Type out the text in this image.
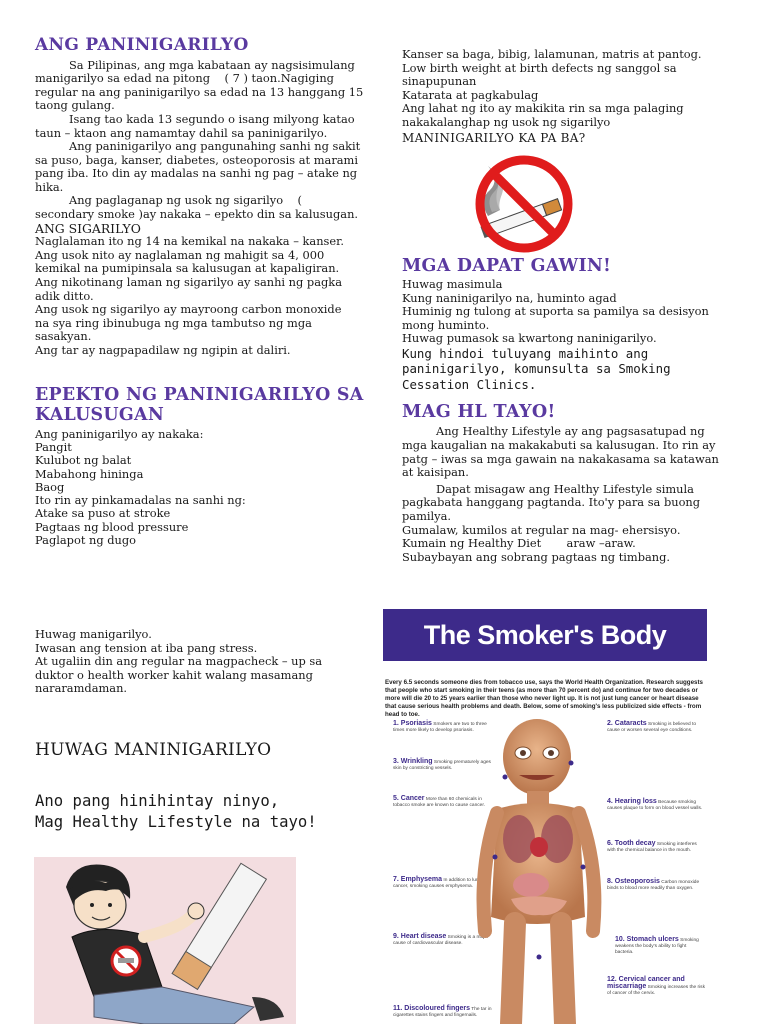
ANG PANINIGARILYO

Sa Pilipinas, ang mga kabataan ay nagsisimulang
manigarilyo sa edad na pitong    ( 7 ) taon.Nagiging
regular na ang paninigarilyo sa edad na 13 hanggang 15
taong gulang.

Isang tao kada 13 segundo o isang milyong katao
taun – ktaon ang namamtay dahil sa paninigarilyo.

Ang paninigarilyo ang pangunahing sanhi ng sakit
sa puso, baga, kanser, diabetes, osteoporosis at marami
pang iba. Ito din ay madalas na sanhi ng pag – atake ng
hika.

Ang paglaganap ng usok ng sigarilyo    (
secondary smoke )ay nakaka – epekto din sa kalusugan.

ANG SIGARILYO

Naglalaman ito ng 14 na kemikal na nakaka – kanser.
Ang usok nito ay naglalaman ng mahigit sa 4, 000
kemikal na pumipinsala sa kalusugan at kapaligiran.
Ang nikotinang laman ng sigarilyo ay sanhi ng pagka
adik ditto.
Ang usok ng sigarilyo ay mayroong carbon monoxide
na sya ring ibinubuga ng mga tambutso ng mga
sasakyan.
Ang tar ay nagpapadilaw ng ngipin at daliri.

EPEKTO NG PANINIGARILYO SA
KALUSUGAN

Ang paninigarilyo ay nakaka:
Pangit
Kulubot ng balat
Mabahong hininga
Baog
Ito rin ay pinkamadalas na sanhi ng:
Atake sa puso at stroke
Pagtaas ng blood pressure
Paglapot ng dugo

Huwag manigarilyo.
Iwasan ang tension at iba pang stress.
At ugaliin din ang regular na magpacheck – up sa
duktor o health worker kahit walang masamang
nararamdaman.

HUWAG MANINIGARILYO

Ano pang hinihintay ninyo,
Mag Healthy Lifestyle na tayo!

Kanser sa baga, bibig, lalamunan, matris at pantog.
Low birth weight at birth defects ng sanggol sa
sinapupunan
Katarata at pagkabulag
Ang lahat ng ito ay makikita rin sa mga palaging
nakakalanghap ng usok ng sigarilyo

MANINIGARILYO KA PA BA?

MGA DAPAT GAWIN!

Huwag masimula
Kung naninigarilyo na, huminto agad
Huminig ng tulong at suporta sa pamilya sa desisyon
mong huminto.
Huwag pumasok sa kwartong naninigarilyo.

Kung hindoi tuluyang maihinto ang
paninigarilyo, komunsulta sa Smoking
Cessation Clinics.

MAG HL TAYO!

Ang Healthy Lifestyle ay ang pagsasatupad ng
mga kaugalian na makakabuti sa kalusugan. Ito rin ay
patg – iwas sa mga gawain na nakakasama sa katawan
at kaisipan.

Dapat misagaw ang Healthy Lifestyle simula
pagkabata hanggang pagtanda. Ito'y para sa buong
pamilya.

Gumalaw, kumilos at regular na mag- ehersisyo.
Kumain ng Healthy Diet       araw –araw.
Subaybayan ang sobrang pagtaas ng timbang.

The Smoker's Body
Every 6.5 seconds someone dies from tobacco use, says the World Health Organization. Research suggests that people who start smoking in their teens (as more than 70 percent do) and continue for two decades or more will die 20 to 25 years earlier than those who never light up. It is not just lung cancer or heart disease that cause serious health problems and death. Below, some of smoking's less publicized side effects - from head to toe.
1. Psoriasis Smokers are two to three times more likely to develop psoriasis.
3. Wrinkling Smoking prematurely ages skin by constricting vessels.
5. Cancer More than 60 chemicals in tobacco smoke are known to cause cancer.
7. Emphysema In addition to lung cancer, smoking causes emphysema.
9. Heart disease Smoking is a major cause of cardiovascular disease.
11. Discoloured fingers The tar in cigarettes stains fingers and fingernails.
2. Cataracts Smoking is believed to cause or worsen several eye conditions.
4. Hearing loss Because smoking causes plaque to form on blood vessel walls.
6. Tooth decay Smoking interferes with the chemical balance in the mouth.
8. Osteoporosis Carbon monoxide binds to blood more readily than oxygen.
10. Stomach ulcers Smoking weakens the body's ability to fight bacteria.
12. Cervical cancer and miscarriage Smoking increases the risk of cancer of the cervix.
